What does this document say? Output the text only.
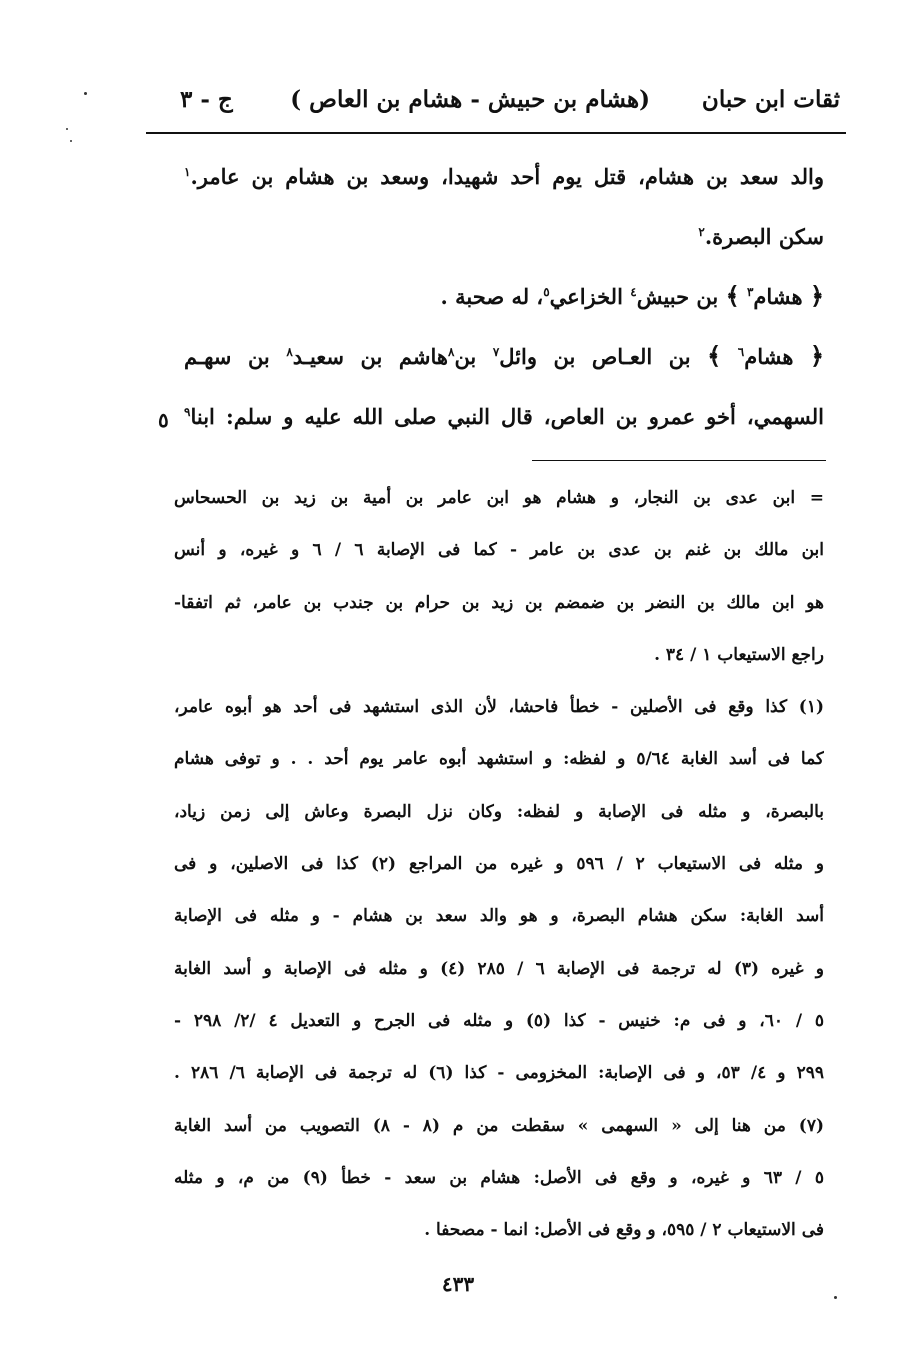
ثقات ابن حبان
(هشام بن حبيش - هشام بن العاص )
ج - ٣
والد سعد بن هشام، قتل يوم أحد شهيدا، وسعد بن هشام بن عامر.$^١$
سكن البصرة.$^٢$
﴿ هشام$^٣$ ﴾ بن حبيش$^٤$ الخزاعي$^٥$، له صحبة .
﴿ هشام$^٦$ ﴾ بن العـاص بن وائل$^٧$ بن$^٨$هاشم بن سعيـد$^٨$ بن سهـم
السهمي، أخو عمرو بن العاص، قال النبي صلى الله عليه و سلم: ابنا$^٩$
٥
= ابن عدى بن النجار، و هشام هو ابن عامر بن أمية بن زيد بن الحسحاس
ابن مالك بن غنم بن عدى بن عامر - كما فى الإصابة ٦ / ٦ و غيره، و أنس
هو ابن مالك بن النضر بن ضمضم بن زيد بن حرام بن جندب بن عامر، ثم اتفقا-
راجع الاستيعاب ١ / ٣٤ .
(١) كذا وقع فى الأصلين - خطأ فاحشا، لأن الذى استشهد فى أحد هو أبوه عامر،
كما فى أسد الغابة ٥/٦٤ و لفظه: و استشهد أبوه عامر يوم أحد . . و توفى هشام
بالبصرة، و مثله فى الإصابة و لفظه: وكان نزل البصرة وعاش إلى زمن زياد،
و مثله فى الاستيعاب ٢ / ٥٩٦ و غيره من المراجع (٢) كذا فى الاصلين، و فى
أسد الغابة: سكن هشام البصرة، و هو والد سعد بن هشام - و مثله فى الإصابة
و غيره (٣) له ترجمة فى الإصابة ٦ / ٢٨٥ (٤) و مثله فى الإصابة و أسد الغابة
٥ / ٦٠، و فى م: خنيس - كذا (٥) و مثله فى الجرح و التعديل ٤ /٢/ ٢٩٨ -
٢٩٩ و ٤/ ٥٣، و فى الإصابة: المخزومى - كذا (٦) له ترجمة فى الإصابة ٦/ ٢٨٦ .
(٧) من هنا إلى « السهمى » سقطت من م (٨ - ٨) التصويب من أسد الغابة
٥ / ٦٣ و غيره، و وقع فى الأصل: هشام بن سعد - خطأ (٩) من م، و مثله
فى الاستيعاب ٢ / ٥٩٥، و وقع فى الأصل: انما - مصحفا .
٤٣٣
